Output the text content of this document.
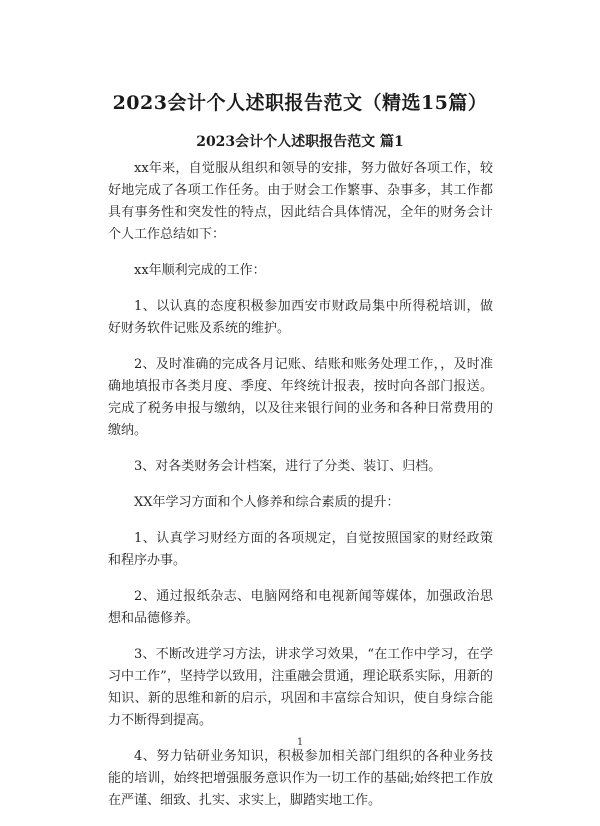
2023会计个人述职报告范文（精选15篇）
2023会计个人述职报告范文 篇1

xx年来，自觉服从组织和领导的安排，努力做好各项工作，较好地完成了各项工作任务。由于财会工作繁事、杂事多，其工作都具有事务性和突发性的特点，因此结合具体情况，全年的财务会计个人工作总结如下：

xx年顺利完成的工作：

1、以认真的态度积极参加西安市财政局集中所得税培训，做好财务软件记账及系统的维护。

2、及时准确的完成各月记账、结账和账务处理工作，，及时准确地填报市各类月度、季度、年终统计报表，按时向各部门报送。完成了税务申报与缴纳，以及往来银行间的业务和各种日常费用的缴纳。

3、对各类财务会计档案，进行了分类、装订、归档。

XX年学习方面和个人修养和综合素质的提升：

1、认真学习财经方面的各项规定，自觉按照国家的财经政策和程序办事。

2、通过报纸杂志、电脑网络和电视新闻等媒体，加强政治思想和品德修养。

3、不断改进学习方法，讲求学习效果，“在工作中学习，在学习中工作”，坚持学以致用，注重融会贯通，理论联系实际，用新的知识、新的思维和新的启示，巩固和丰富综合知识，使自身综合能力不断得到提高。

4、努力钻研业务知识，积极参加相关部门组织的各种业务技能的培训，始终把增强服务意识作为一切工作的基础;始终把工作放在严谨、细致、扎实、求实上，脚踏实地工作。

1
